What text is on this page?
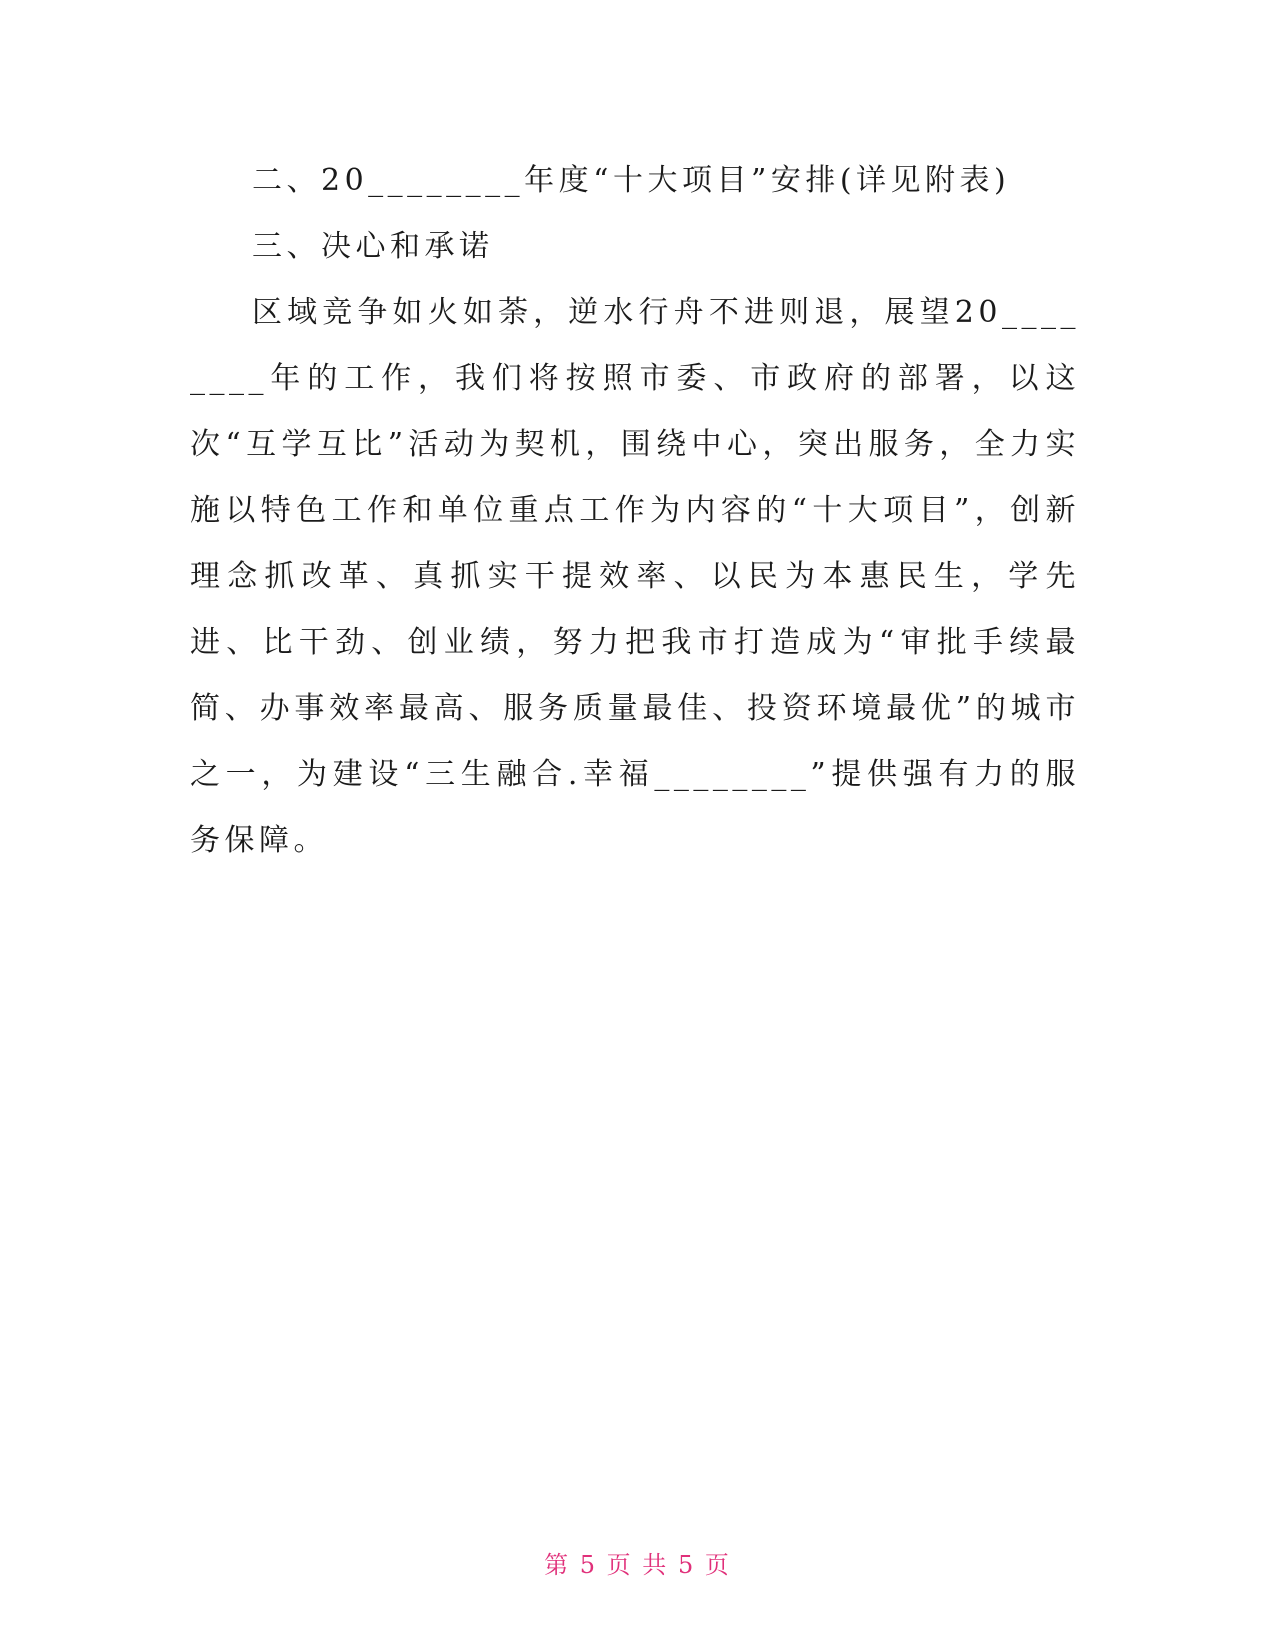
二、20________年度“十大项目”安排(详见附表)

三、决心和承诺

区域竞争如火如荼，逆水行舟不进则退，展望20________年的工作，我们将按照市委、市政府的部署，以这次“互学互比”活动为契机，围绕中心，突出服务，全力实施以特色工作和单位重点工作为内容的“十大项目”，创新理念抓改革、真抓实干提效率、以民为本惠民生，学先进、比干劲、创业绩，努力把我市打造成为“审批手续最简、办事效率最高、服务质量最佳、投资环境最优”的城市之一，为建设“三生融合.幸福________”提供强有力的服务保障。

第 5 页 共 5 页
